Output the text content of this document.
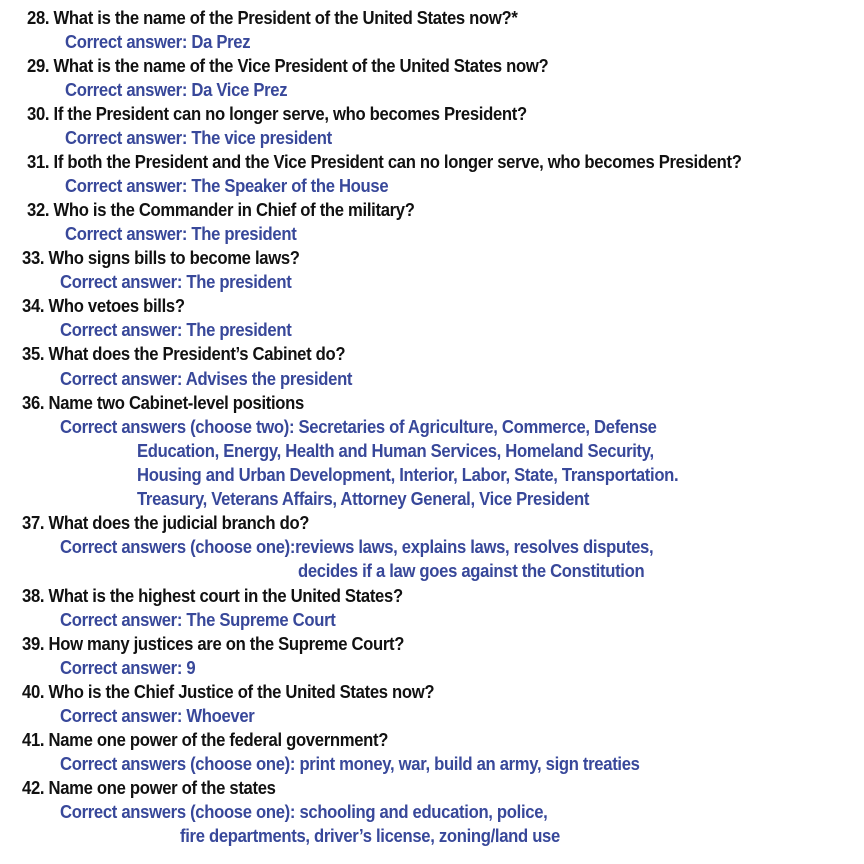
28. What is the name of the President of the United States now?*
Correct answer: Da Prez
29. What is the name of the Vice President of the United States now?
Correct answer: Da Vice Prez
30. If the President can no longer serve, who becomes President?
Correct answer: The vice president
31. If both the President and the Vice President can no longer serve, who becomes President?
Correct answer: The Speaker of the House
32. Who is the Commander in Chief of the military?
Correct answer: The president
33. Who signs bills to become laws?
Correct answer: The president
34. Who vetoes bills?
Correct answer: The president
35. What does the President’s Cabinet do?
Correct answer: Advises the president
36. Name two Cabinet-level positions
Correct answers (choose two): Secretaries of Agriculture, Commerce, Defense
Education, Energy, Health and Human Services, Homeland Security,
Housing and Urban Development, Interior, Labor, State, Transportation.
Treasury, Veterans Affairs, Attorney General, Vice President
37. What does the judicial branch do?
Correct answers (choose one):reviews laws, explains laws, resolves disputes,
decides if a law goes against the Constitution
38. What is the highest court in the United States?
Correct answer: The Supreme Court
39. How many justices are on the Supreme Court?
Correct answer: 9
40. Who is the Chief Justice of the United States now?
Correct answer: Whoever
41. Name one power of the federal government?
Correct answers (choose one): print money, war, build an army, sign treaties
42. Name one power of the states
Correct answers (choose one): schooling and education, police,
fire departments, driver’s license, zoning/land use
